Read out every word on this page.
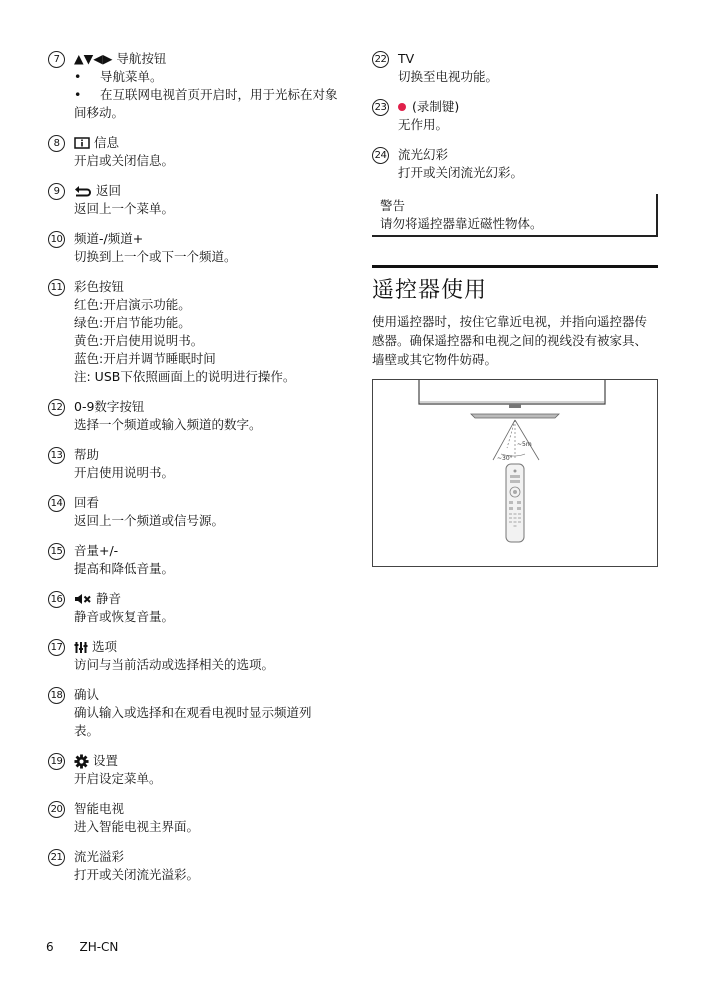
7	▲▼◀▶ 导航按钮
• 导航菜单。
• 在互联网电视首页开启时，用于光标在对象间移动。
8	信息
开启或关闭信息。
9	返回
返回上一个菜单。
10 频道-/频道+
切换到上一个或下一个频道。
11 彩色按钮
红色:开启演示功能。
绿色:开启节能功能。
黄色:开启使用说明书。
蓝色:开启并调节睡眠时间
注: USB下依照画面上的说明进行操作。
12 0-9数字按钮
选择一个频道或输入频道的数字。
13 帮助
开启使用说明书。
14 回看
返回上一个频道或信号源。
15 音量+/-
提高和降低音量。
16	静音
静音或恢复音量。
17 选项
访问与当前活动或选择相关的选项。
18 确认
确认输入或选择和在观看电视时显示频道列表。
19 设置
开启设定菜单。
20 智能电视
进入智能电视主界面。
21 流光溢彩
打开或关闭流光溢彩。
22 TV
切换至电视功能。
23 (录制键)
无作用。
24 流光幻彩
打开或关闭流光幻彩。
警告
请勿将遥控器靠近磁性物体。
遥控器使用
使用遥控器时，按住它靠近电视，并指向遥控器传感器。确保遥控器和电视之间的视线没有被家具、墙壁或其它物件妨碍。
~5m
~30°
6 ZH-CN
